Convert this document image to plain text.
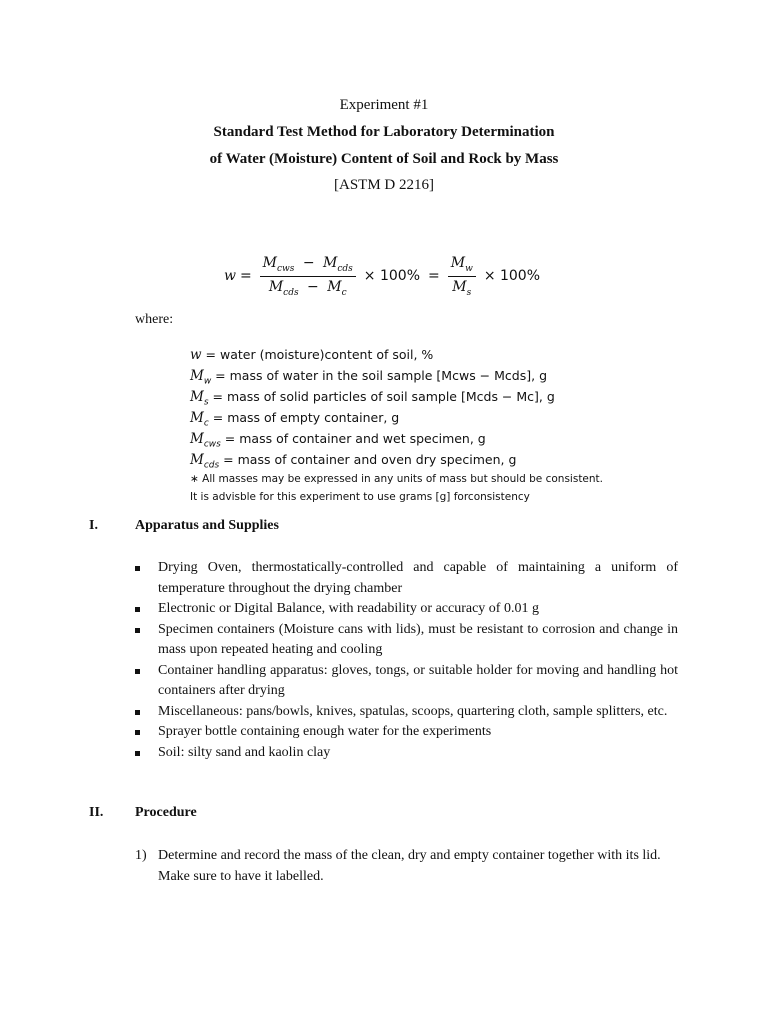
Experiment #1
Standard Test Method for Laboratory Determination
of Water (Moisture) Content of Soil and Rock by Mass
[ASTM D 2216]
$w = \frac{M_{cws} - M_{cds}}{M_{cds} - M_c} \times 100\% = \frac{M_w}{M_s} \times 100\%$
where:
w = water (moisture)content of soil, %
$M_w$ = mass of water in the soil sample [Mcws − Mcds], g
$M_s$ = mass of solid particles of soil sample [Mcds − Mc], g
$M_c$ = mass of empty container, g
$M_{cws}$ = mass of container and wet specimen, g
$M_{cds}$ = mass of container and oven dry specimen, g
∗ All masses may be expressed in any units of mass but should be consistent.
It is advisble for this experiment to use grams [g] forconsistency
I.	Apparatus and Supplies
Drying Oven, thermostatically-controlled and capable of maintaining a uniform of temperature throughout the drying chamber
Electronic or Digital Balance, with readability or accuracy of 0.01 g
Specimen containers (Moisture cans with lids), must be resistant to corrosion and change in mass upon repeated heating and cooling
Container handling apparatus: gloves, tongs, or suitable holder for moving and handling hot containers after drying
Miscellaneous: pans/bowls, knives, spatulas, scoops, quartering cloth, sample splitters, etc.
Sprayer bottle containing enough water for the experiments
Soil: silty sand and kaolin clay
II. Procedure
1) Determine and record the mass of the clean, dry and empty container together with its lid. Make sure to have it labelled.
